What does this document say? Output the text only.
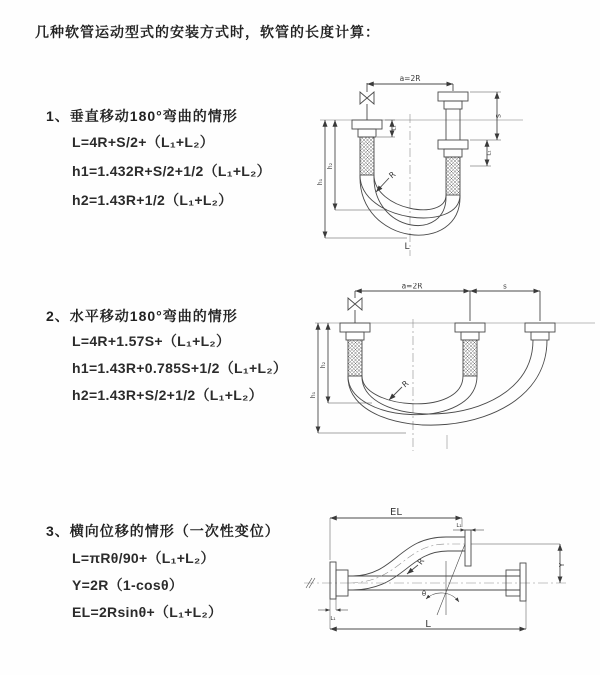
几种软管运动型式的安装方式时，软管的长度计算：
1、垂直移动180°弯曲的情形
L=4R+S/2+（L₁+L₂）
h1=1.432R+S/2+1/2（L₁+L₂）
h2=1.43R+1/2（L₁+L₂）
2、水平移动180°弯曲的情形
L=4R+1.57S+（L₁+L₂）
h1=1.43R+0.785S+1/2（L₁+L₂）
h2=1.43R+S/2+1/2（L₁+L₂）
3、横向位移的情形（一次性变位）
L=πRθ/90+（L₁+L₂）
Y=2R（1-cosθ）
EL=2Rsinθ+（L₁+L₂）
a=2R
L₁
S
L₁
h₂
h₁
R
L
a=2R	s
h₂
h₁
R
EL
L₁
Y
θ
R
L
L₁
